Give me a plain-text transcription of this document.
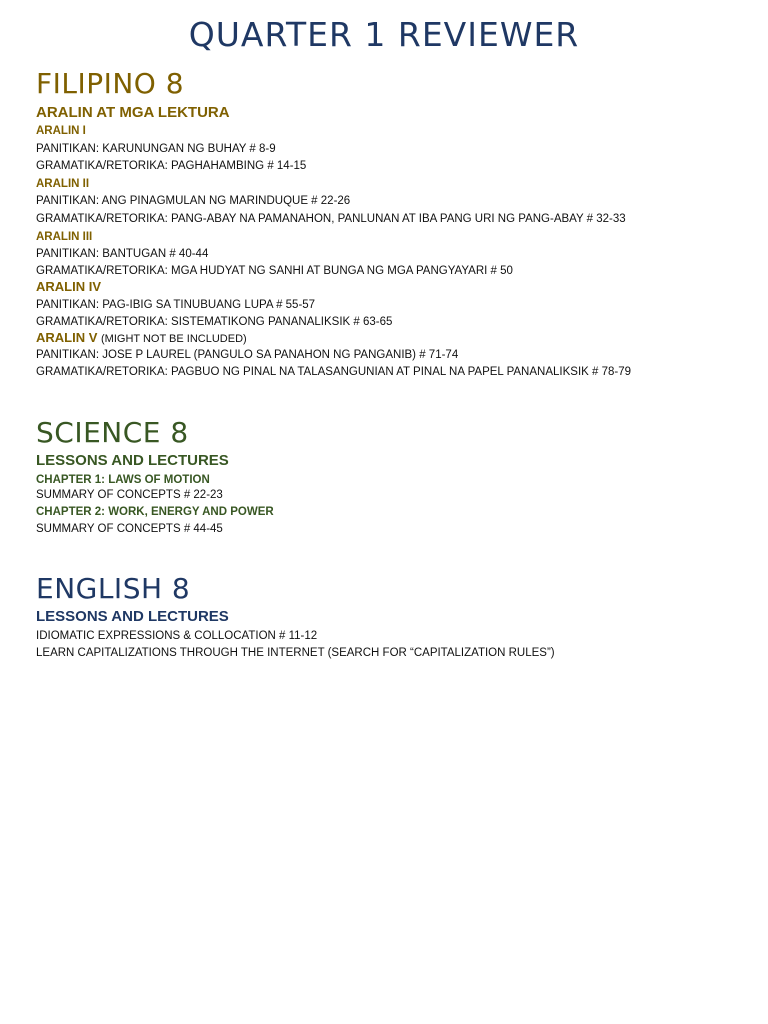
QUARTER 1 REVIEWER
FILIPINO 8
ARALIN AT MGA LEKTURA
ARALIN I
PANITIKAN: KARUNUNGAN NG BUHAY # 8-9
GRAMATIKA/RETORIKA: PAGHAHAMBING # 14-15
ARALIN II
PANITIKAN: ANG PINAGMULAN NG MARINDUQUE # 22-26
GRAMATIKA/RETORIKA: PANG-ABAY NA PAMANAHON, PANLUNAN AT IBA PANG URI NG PANG-ABAY # 32-33
ARALIN III
PANITIKAN: BANTUGAN # 40-44
GRAMATIKA/RETORIKA: MGA HUDYAT NG SANHI AT BUNGA NG MGA PANGYAYARI # 50
ARALIN IV
PANITIKAN: PAG-IBIG SA TINUBUANG LUPA # 55-57
GRAMATIKA/RETORIKA: SISTEMATIKONG PANANALIKSIK # 63-65
ARALIN V (MIGHT NOT BE INCLUDED)
PANITIKAN: JOSE P LAUREL (PANGULO SA PANAHON NG PANGANIB) # 71-74
GRAMATIKA/RETORIKA: PAGBUO NG PINAL NA TALASANGUNIAN AT PINAL NA PAPEL PANANALIKSIK # 78-79
SCIENCE 8
LESSONS AND LECTURES
CHAPTER 1: LAWS OF MOTION
SUMMARY OF CONCEPTS # 22-23
CHAPTER 2: WORK, ENERGY AND POWER
SUMMARY OF CONCEPTS # 44-45
ENGLISH 8
LESSONS AND LECTURES
IDIOMATIC EXPRESSIONS & COLLOCATION # 11-12
LEARN CAPITALIZATIONS THROUGH THE INTERNET (SEARCH FOR “CAPITALIZATION RULES”)
